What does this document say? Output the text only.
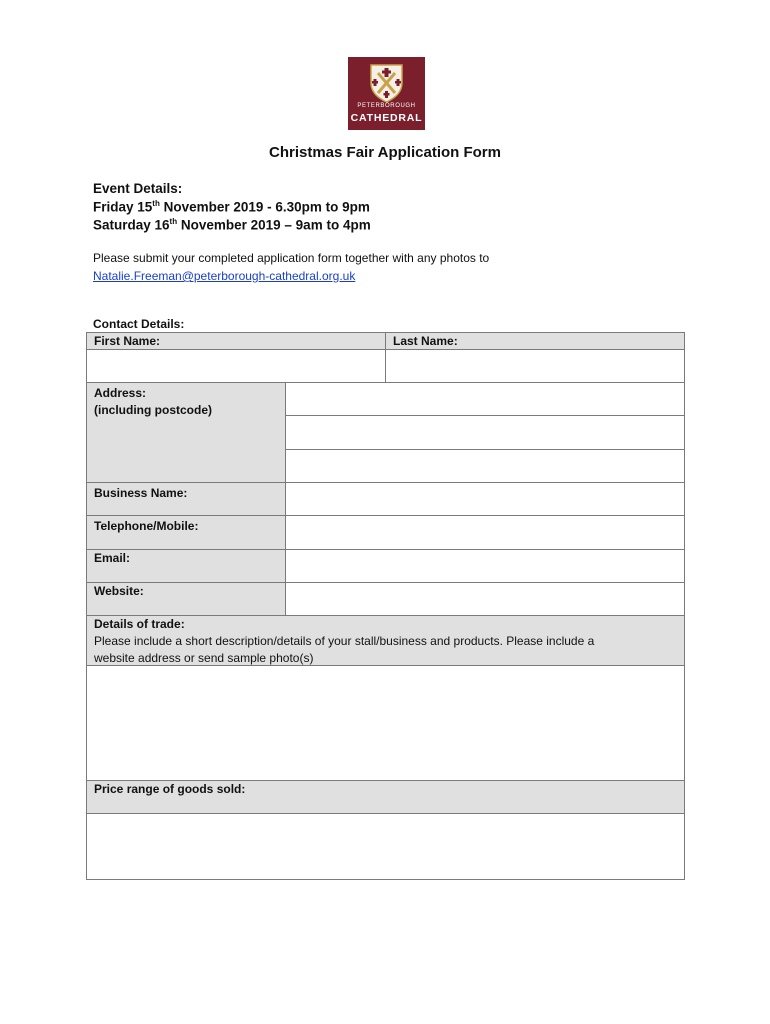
PETERBOROUGH
CATHEDRAL
Christmas Fair Application Form
Event Details:
Friday 15th November 2019 - 6.30pm to 9pm
Saturday 16th November 2019 – 9am to 4pm
Please submit your completed application form together with any photos to
Natalie.Freeman@peterborough-cathedral.org.uk
Contact Details:
First Name:	Last Name:
Address:
(including postcode)
Business Name:
Telephone/Mobile:
Email:
Website:
Details of trade:
Please include a short description/details of your stall/business and products. Please include a
website address or send sample photo(s)
Price range of goods sold:
